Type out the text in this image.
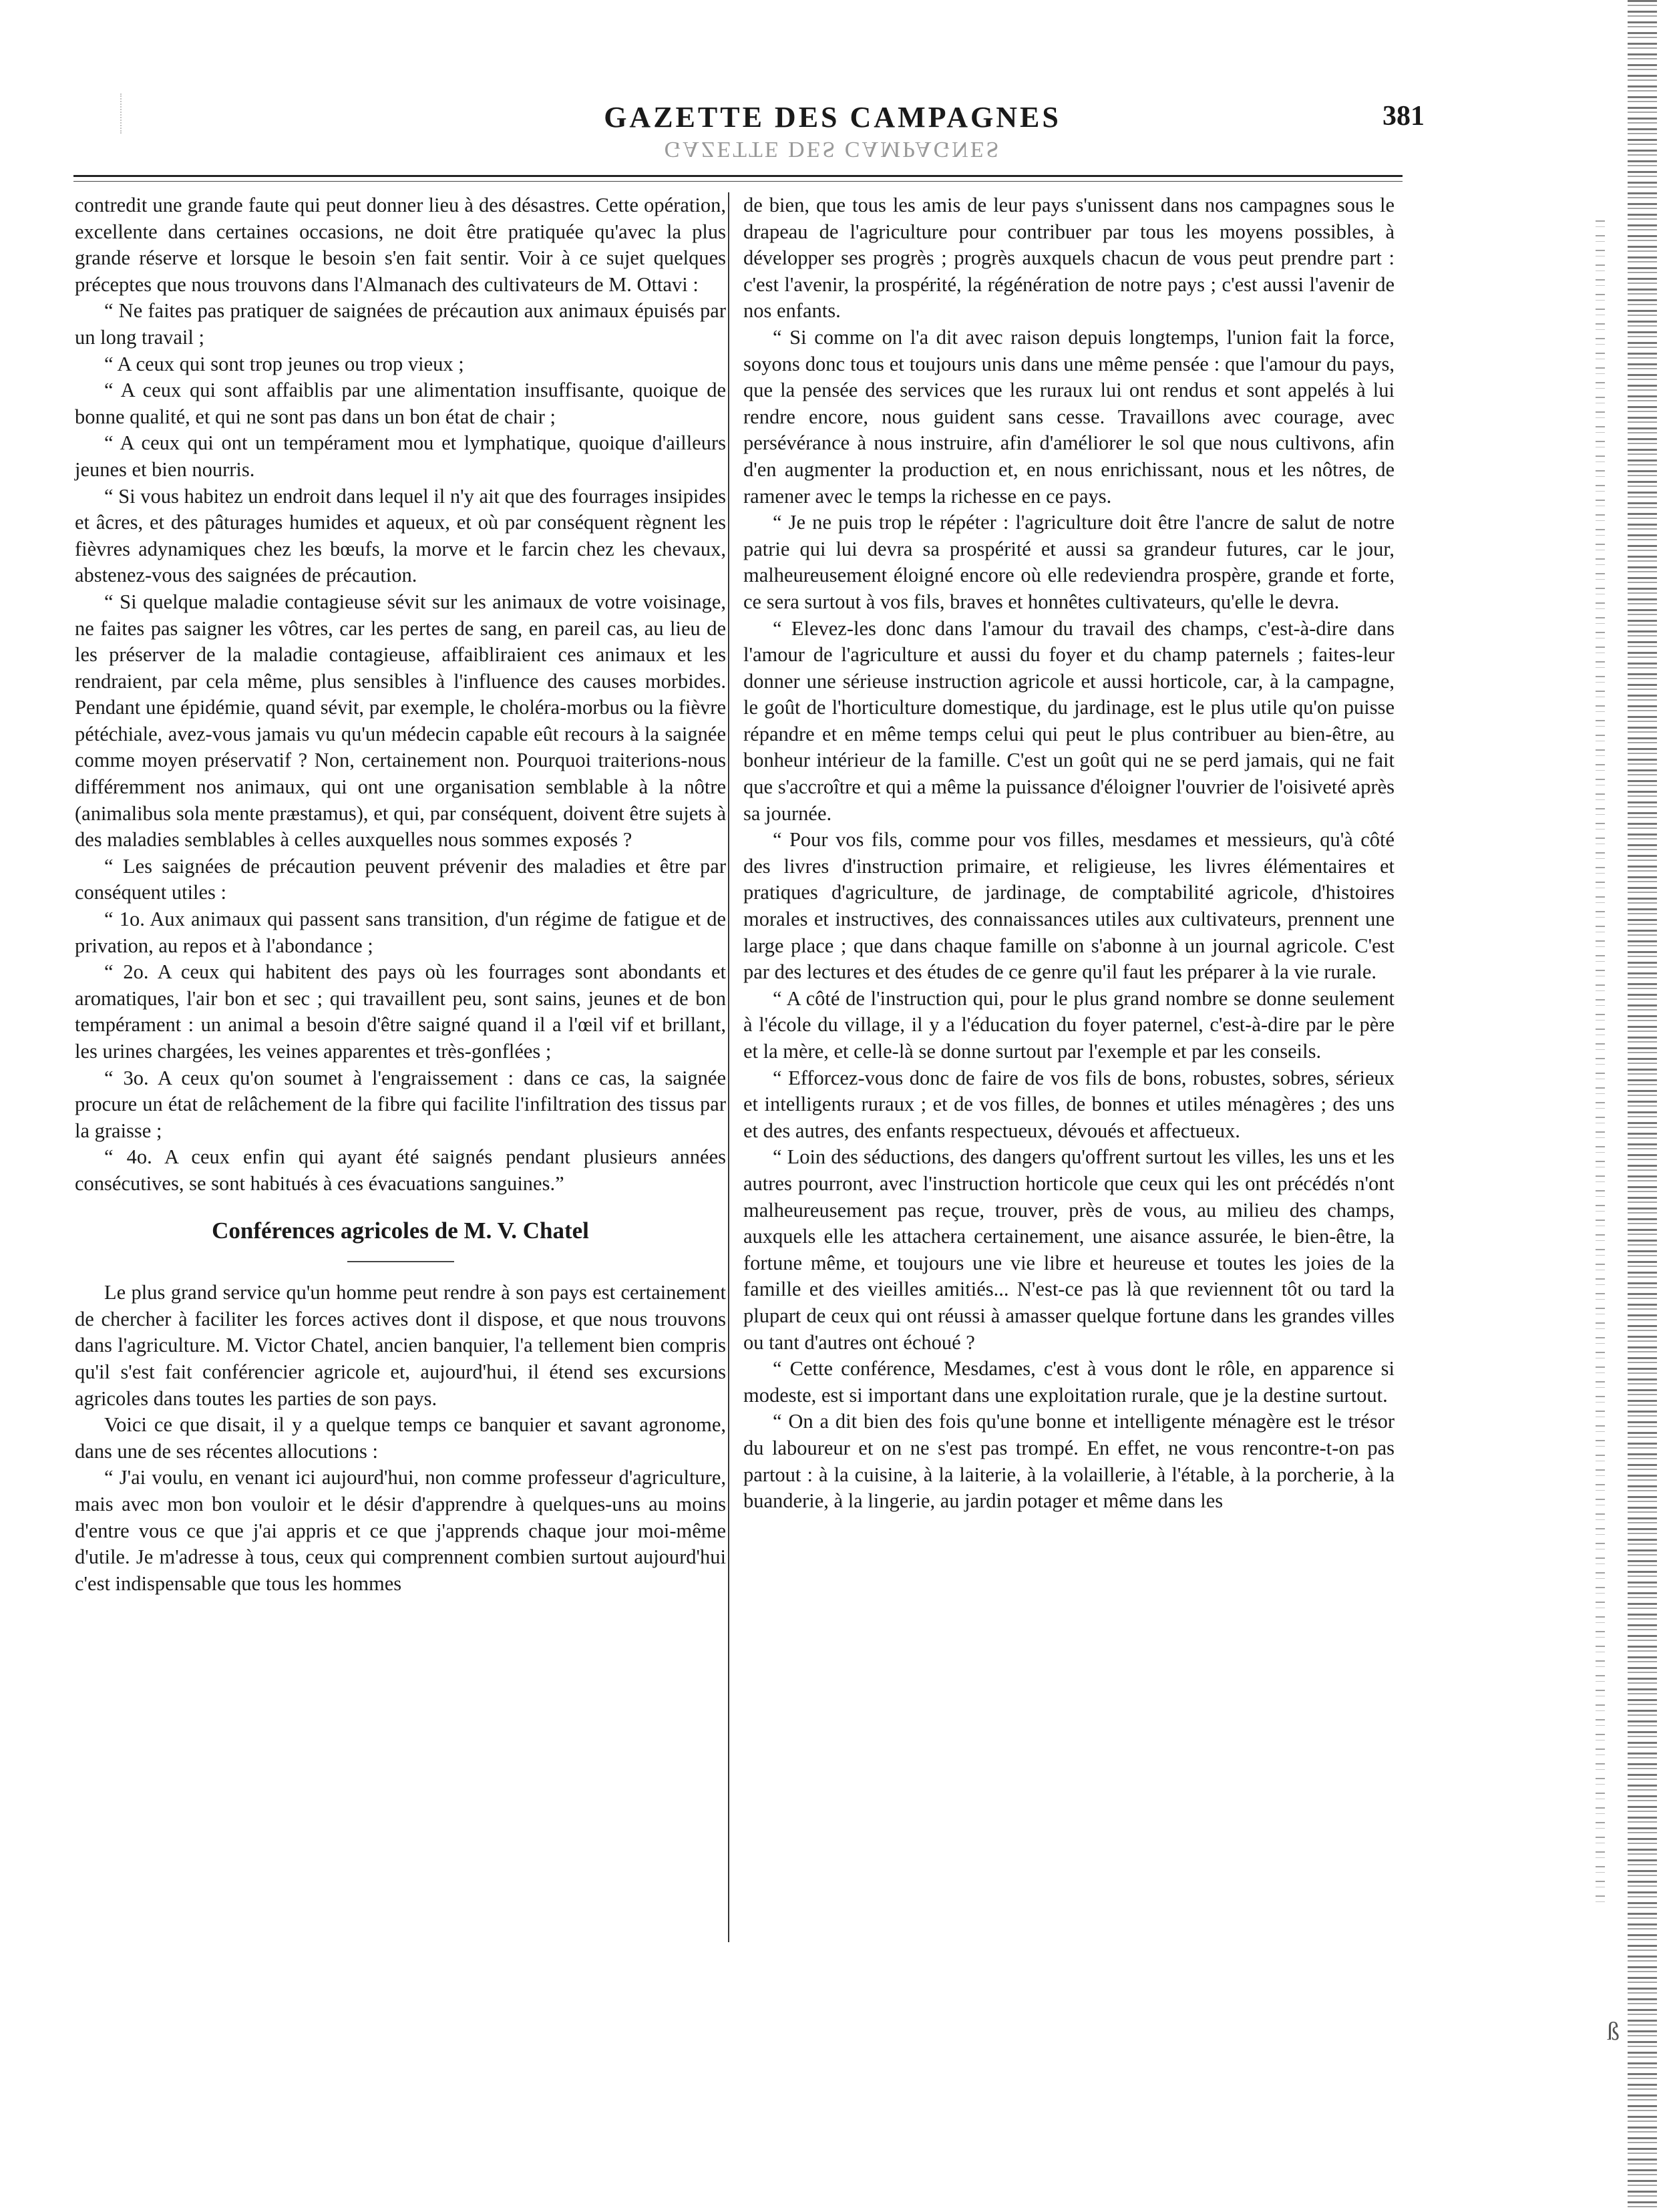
GAZETTE DES CAMPAGNES	381
GAZETTE DES CAMPAGNES

contredit une grande faute qui peut donner lieu à des désastres. Cette opération, excellente dans certaines occasions, ne doit être pratiquée qu'avec la plus grande réserve et lorsque le besoin s'en fait sentir. Voir à ce sujet quelques préceptes que nous trouvons dans l'Almanach des cultivateurs de M. Ottavi :

“ Ne faites pas pratiquer de saignées de précaution aux animaux épuisés par un long travail ;

“ A ceux qui sont trop jeunes ou trop vieux ;

“ A ceux qui sont affaiblis par une alimentation insuffisante, quoique de bonne qualité, et qui ne sont pas dans un bon état de chair ;

“ A ceux qui ont un tempérament mou et lymphatique, quoique d'ailleurs jeunes et bien nourris.

“ Si vous habitez un endroit dans lequel il n'y ait que des fourrages insipides et âcres, et des pâturages humides et aqueux, et où par conséquent règnent les fièvres adynamiques chez les bœufs, la morve et le farcin chez les chevaux, abstenez-vous des saignées de précaution.

“ Si quelque maladie contagieuse sévit sur les animaux de votre voisinage, ne faites pas saigner les vôtres, car les pertes de sang, en pareil cas, au lieu de les préserver de la maladie contagieuse, affaibliraient ces animaux et les rendraient, par cela même, plus sensibles à l'influence des causes morbides. Pendant une épidémie, quand sévit, par exemple, le choléra-morbus ou la fièvre pétéchiale, avez-vous jamais vu qu'un médecin capable eût recours à la saignée comme moyen préservatif ? Non, certainement non. Pourquoi traiterions-nous différemment nos animaux, qui ont une organisation semblable à la nôtre (animalibus sola mente præstamus), et qui, par conséquent, doivent être sujets à des maladies semblables à celles auxquelles nous sommes exposés ?

“ Les saignées de précaution peuvent prévenir des maladies et être par conséquent utiles :

“ 1o. Aux animaux qui passent sans transition, d'un régime de fatigue et de privation, au repos et à l'abondance ;

“ 2o. A ceux qui habitent des pays où les fourrages sont abondants et aromatiques, l'air bon et sec ; qui travaillent peu, sont sains, jeunes et de bon tempérament : un animal a besoin d'être saigné quand il a l'œil vif et brillant, les urines chargées, les veines apparentes et très-gonflées ;

“ 3o. A ceux qu'on soumet à l'engraissement : dans ce cas, la saignée procure un état de relâchement de la fibre qui facilite l'infiltration des tissus par la graisse ;

“ 4o. A ceux enfin qui ayant été saignés pendant plusieurs années consécutives, se sont habitués à ces évacuations sanguines.”

Conférences agricoles de M. V. Chatel

Le plus grand service qu'un homme peut rendre à son pays est certainement de chercher à faciliter les forces actives dont il dispose, et que nous trouvons dans l'agriculture. M. Victor Chatel, ancien banquier, l'a tellement bien compris qu'il s'est fait conférencier agricole et, aujourd'hui, il étend ses excursions agricoles dans toutes les parties de son pays.

Voici ce que disait, il y a quelque temps ce banquier et savant agronome, dans une de ses récentes allocutions :

“ J'ai voulu, en venant ici aujourd'hui, non comme professeur d'agriculture, mais avec mon bon vouloir et le désir d'apprendre à quelques-uns au moins d'entre vous ce que j'ai appris et ce que j'apprends chaque jour moi-même d'utile. Je m'adresse à tous, ceux qui comprennent combien surtout aujourd'hui c'est indispensable que tous les hommes

de bien, que tous les amis de leur pays s'unissent dans nos campagnes sous le drapeau de l'agriculture pour contribuer par tous les moyens possibles, à développer ses progrès ; progrès auxquels chacun de vous peut prendre part : c'est l'avenir, la prospérité, la régénération de notre pays ; c'est aussi l'avenir de nos enfants.

“ Si comme on l'a dit avec raison depuis longtemps, l'union fait la force, soyons donc tous et toujours unis dans une même pensée : que l'amour du pays, que la pensée des services que les ruraux lui ont rendus et sont appelés à lui rendre encore, nous guident sans cesse. Travaillons avec courage, avec persévérance à nous instruire, afin d'améliorer le sol que nous cultivons, afin d'en augmenter la production et, en nous enrichissant, nous et les nôtres, de ramener avec le temps la richesse en ce pays.

“ Je ne puis trop le répéter : l'agriculture doit être l'ancre de salut de notre patrie qui lui devra sa prospérité et aussi sa grandeur futures, car le jour, malheureusement éloigné encore où elle redeviendra prospère, grande et forte, ce sera surtout à vos fils, braves et honnêtes cultivateurs, qu'elle le devra.

“ Elevez-les donc dans l'amour du travail des champs, c'est-à-dire dans l'amour de l'agriculture et aussi du foyer et du champ paternels ; faites-leur donner une sérieuse instruction agricole et aussi horticole, car, à la campagne, le goût de l'horticulture domestique, du jardinage, est le plus utile qu'on puisse répandre et en même temps celui qui peut le plus contribuer au bien-être, au bonheur intérieur de la famille. C'est un goût qui ne se perd jamais, qui ne fait que s'accroître et qui a même la puissance d'éloigner l'ouvrier de l'oisiveté après sa journée.

“ Pour vos fils, comme pour vos filles, mesdames et messieurs, qu'à côté des livres d'instruction primaire, et religieuse, les livres élémentaires et pratiques d'agriculture, de jardinage, de comptabilité agricole, d'histoires morales et instructives, des connaissances utiles aux cultivateurs, prennent une large place ; que dans chaque famille on s'abonne à un journal agricole. C'est par des lectures et des études de ce genre qu'il faut les préparer à la vie rurale.

“ A côté de l'instruction qui, pour le plus grand nombre se donne seulement à l'école du village, il y a l'éducation du foyer paternel, c'est-à-dire par le père et la mère, et celle-là se donne surtout par l'exemple et par les conseils.

“ Efforcez-vous donc de faire de vos fils de bons, robustes, sobres, sérieux et intelligents ruraux ; et de vos filles, de bonnes et utiles ménagères ; des uns et des autres, des enfants respectueux, dévoués et affectueux.

“ Loin des séductions, des dangers qu'offrent surtout les villes, les uns et les autres pourront, avec l'instruction horticole que ceux qui les ont précédés n'ont malheureusement pas reçue, trouver, près de vous, au milieu des champs, auxquels elle les attachera certainement, une aisance assurée, le bien-être, la fortune même, et toujours une vie libre et heureuse et toutes les joies de la famille et des vieilles amitiés... N'est-ce pas là que reviennent tôt ou tard la plupart de ceux qui ont réussi à amasser quelque fortune dans les grandes villes ou tant d'autres ont échoué ?

“ Cette conférence, Mesdames, c'est à vous dont le rôle, en apparence si modeste, est si important dans une exploitation rurale, que je la destine surtout.

“ On a dit bien des fois qu'une bonne et intelligente ménagère est le trésor du laboureur et on ne s'est pas trompé. En effet, ne vous rencontre-t-on pas partout : à la cuisine, à la laiterie, à la volaillerie, à l'étable, à la porcherie, à la buanderie, à la lingerie, au jardin potager et même dans les

ß
